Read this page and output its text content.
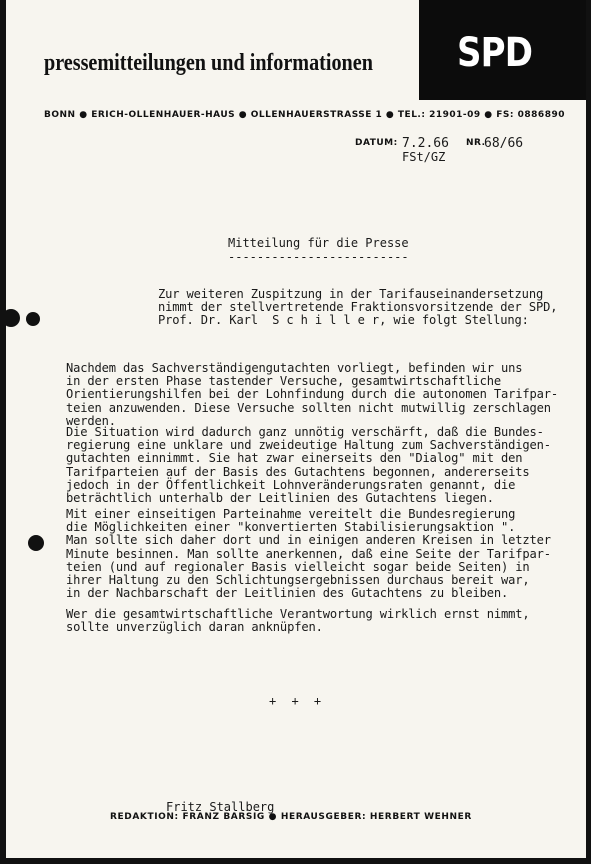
SPD
pressemitteilungen und informationen
BONN ● ERICH-OLLENHAUER-HAUS ● OLLENHAUERSTRASSE 1 ● TEL.: 21901-09 ● FS: 0886890
DATUM: 7.2.66
FSt/GZ
NR.
68/66
Mitteilung für die Presse
-------------------------
Zur weiteren Zuspitzung in der Tarifauseinandersetzung
nimmt der stellvertretende Fraktionsvorsitzende der SPD,
Prof. Dr. Karl  S c h i l l e r, wie folgt Stellung:
Nachdem das Sachverständigengutachten vorliegt, befinden wir uns
in der ersten Phase tastender Versuche, gesamtwirtschaftliche
Orientierungshilfen bei der Lohnfindung durch die autonomen Tarifpar-
teien anzuwenden. Diese Versuche sollten nicht mutwillig zerschlagen
werden.
Die Situation wird dadurch ganz unnötig verschärft, daß die Bundes-
regierung eine unklare und zweideutige Haltung zum Sachverständigen-
gutachten einnimmt. Sie hat zwar einerseits den "Dialog" mit den
Tarifparteien auf der Basis des Gutachtens begonnen, andererseits
jedoch in der Öffentlichkeit Lohnveränderungsraten genannt, die
beträchtlich unterhalb der Leitlinien des Gutachtens liegen.
Mit einer einseitigen Parteinahme vereitelt die Bundesregierung
die Möglichkeiten einer "konvertierten Stabilisierungsaktion ".
Man sollte sich daher dort und in einigen anderen Kreisen in letzter
Minute besinnen. Man sollte anerkennen, daß eine Seite der Tarifpar-
teien (und auf regionaler Basis vielleicht sogar beide Seiten) in
ihrer Haltung zu den Schlichtungsergebnissen durchaus bereit war,
in der Nachbarschaft der Leitlinien des Gutachtens zu bleiben.
Wer die gesamtwirtschaftliche Verantwortung wirklich ernst nimmt,
sollte unverzüglich daran anknüpfen.
+ + +
Fritz Stallberg
REDAKTION: FRANZ BARSIG ● HERAUSGEBER: HERBERT WEHNER
